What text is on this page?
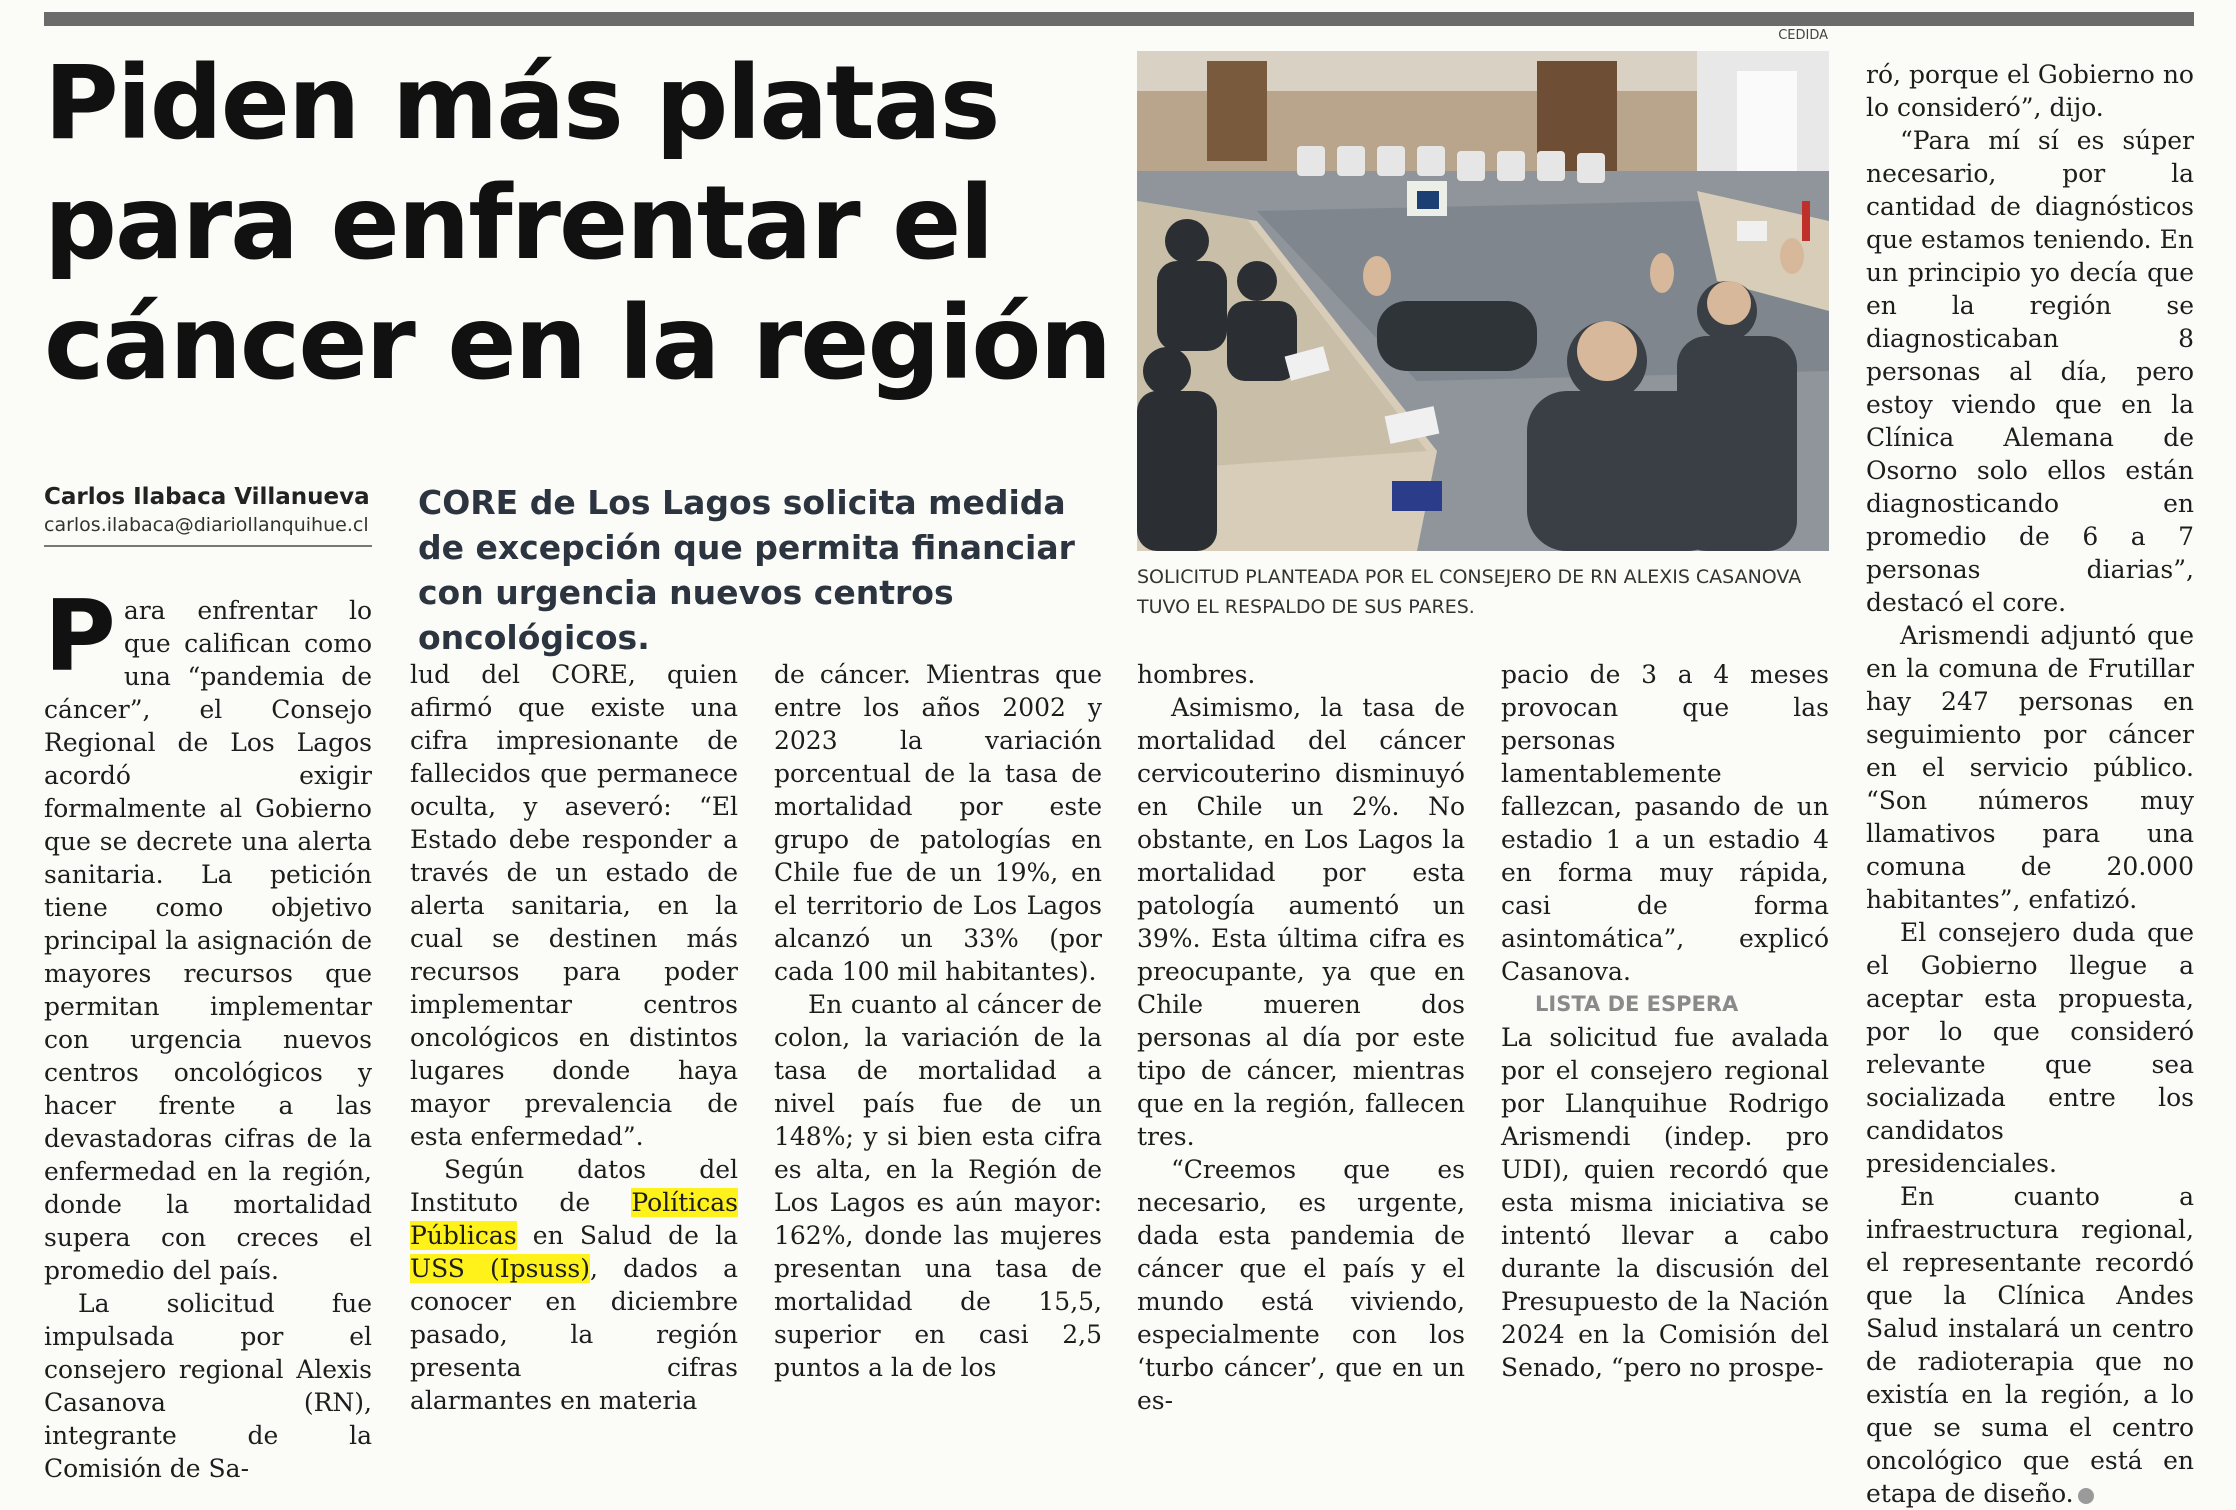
Piden más platas para enfrentar el cáncer en la región
Carlos Ilabaca Villanueva
carlos.ilabaca@diariollanquihue.cl
CORE de Los Lagos solicita medida de excepción que permita financiar con urgencia nuevos centros oncológicos.
CEDIDA
SOLICITUD PLANTEADA POR EL CONSEJERO DE RN ALEXIS CASANOVA TUVO EL RESPALDO DE SUS PARES.

Para enfrentar lo que califican como una “pandemia de cáncer”, el Consejo Regional de Los Lagos acordó exigir formalmente al Gobierno que se decrete una alerta sanitaria. La petición tiene como objetivo principal la asignación de mayores recursos que permitan implementar con urgencia nuevos centros oncológicos y hacer frente a las devastadoras cifras de la enfermedad en la región, donde la mortalidad supera con creces el promedio del país.

La solicitud fue impulsada por el consejero regional Alexis Casanova (RN), integrante de la Comisión de Sa-

lud del CORE, quien afirmó que existe una cifra impresionante de fallecidos que permanece oculta, y aseveró: “El Estado debe responder a través de un estado de alerta sanitaria, en la cual se destinen más recursos para poder implementar centros oncológicos en distintos lugares donde haya mayor prevalencia de esta enfermedad”.

Según datos del Instituto de Políticas Públicas en Salud de la USS (Ipsuss), dados a conocer en diciembre pasado, la región presenta cifras alarmantes en materia

de cáncer. Mientras que entre los años 2002 y 2023 la variación porcentual de la tasa de mortalidad por este grupo de patologías en Chile fue de un 19%, en el territorio de Los Lagos alcanzó un 33% (por cada 100 mil habitantes).

En cuanto al cáncer de colon, la variación de la tasa de mortalidad a nivel país fue de un 148%; y si bien esta cifra es alta, en la Región de Los Lagos es aún mayor: 162%, donde las mujeres presentan una tasa de mortalidad de 15,5, superior en casi 2,5 puntos a la de los

hombres.

Asimismo, la tasa de mortalidad del cáncer cervicouterino disminuyó en Chile un 2%. No obstante, en Los Lagos la mortalidad por esta patología aumentó un 39%. Esta última cifra es preocupante, ya que en Chile mueren dos personas al día por este tipo de cáncer, mientras que en la región, fallecen tres.

“Creemos que es necesario, es urgente, dada esta pandemia de cáncer que el país y el mundo está viviendo, especialmente con los ‘turbo cáncer’, que en un es-

pacio de 3 a 4 meses provocan que las personas lamentablemente fallezcan, pasando de un estadio 1 a un estadio 4 en forma muy rápida, casi de forma asintomática”, explicó Casanova.

LISTA DE ESPERA

La solicitud fue avalada por el consejero regional por Llanquihue Rodrigo Arismendi (indep. pro UDI), quien recordó que esta misma iniciativa se intentó llevar a cabo durante la discusión del Presupuesto de la Nación 2024 en la Comisión del Senado, “pero no prospe-

ró, porque el Gobierno no lo consideró”, dijo.

“Para mí sí es súper necesario, por la cantidad de diagnósticos que estamos teniendo. En un principio yo decía que en la región se diagnosticaban 8 personas al día, pero estoy viendo que en la Clínica Alemana de Osorno solo ellos están diagnosticando en promedio de 6 a 7 personas diarias”, destacó el core.

Arismendi adjuntó que en la comuna de Frutillar hay 247 personas en seguimiento por cáncer en el servicio público. “Son números muy llamativos para una comuna de 20.000 habitantes”, enfatizó.

El consejero duda que el Gobierno llegue a aceptar esta propuesta, por lo que consideró relevante que sea socializada entre los candidatos presidenciales.

En cuanto a infraestructura regional, el representante recordó que la Clínica Andes Salud instalará un centro de radioterapia que no existía en la región, a lo que se suma el centro oncológico que está en etapa de diseño.
